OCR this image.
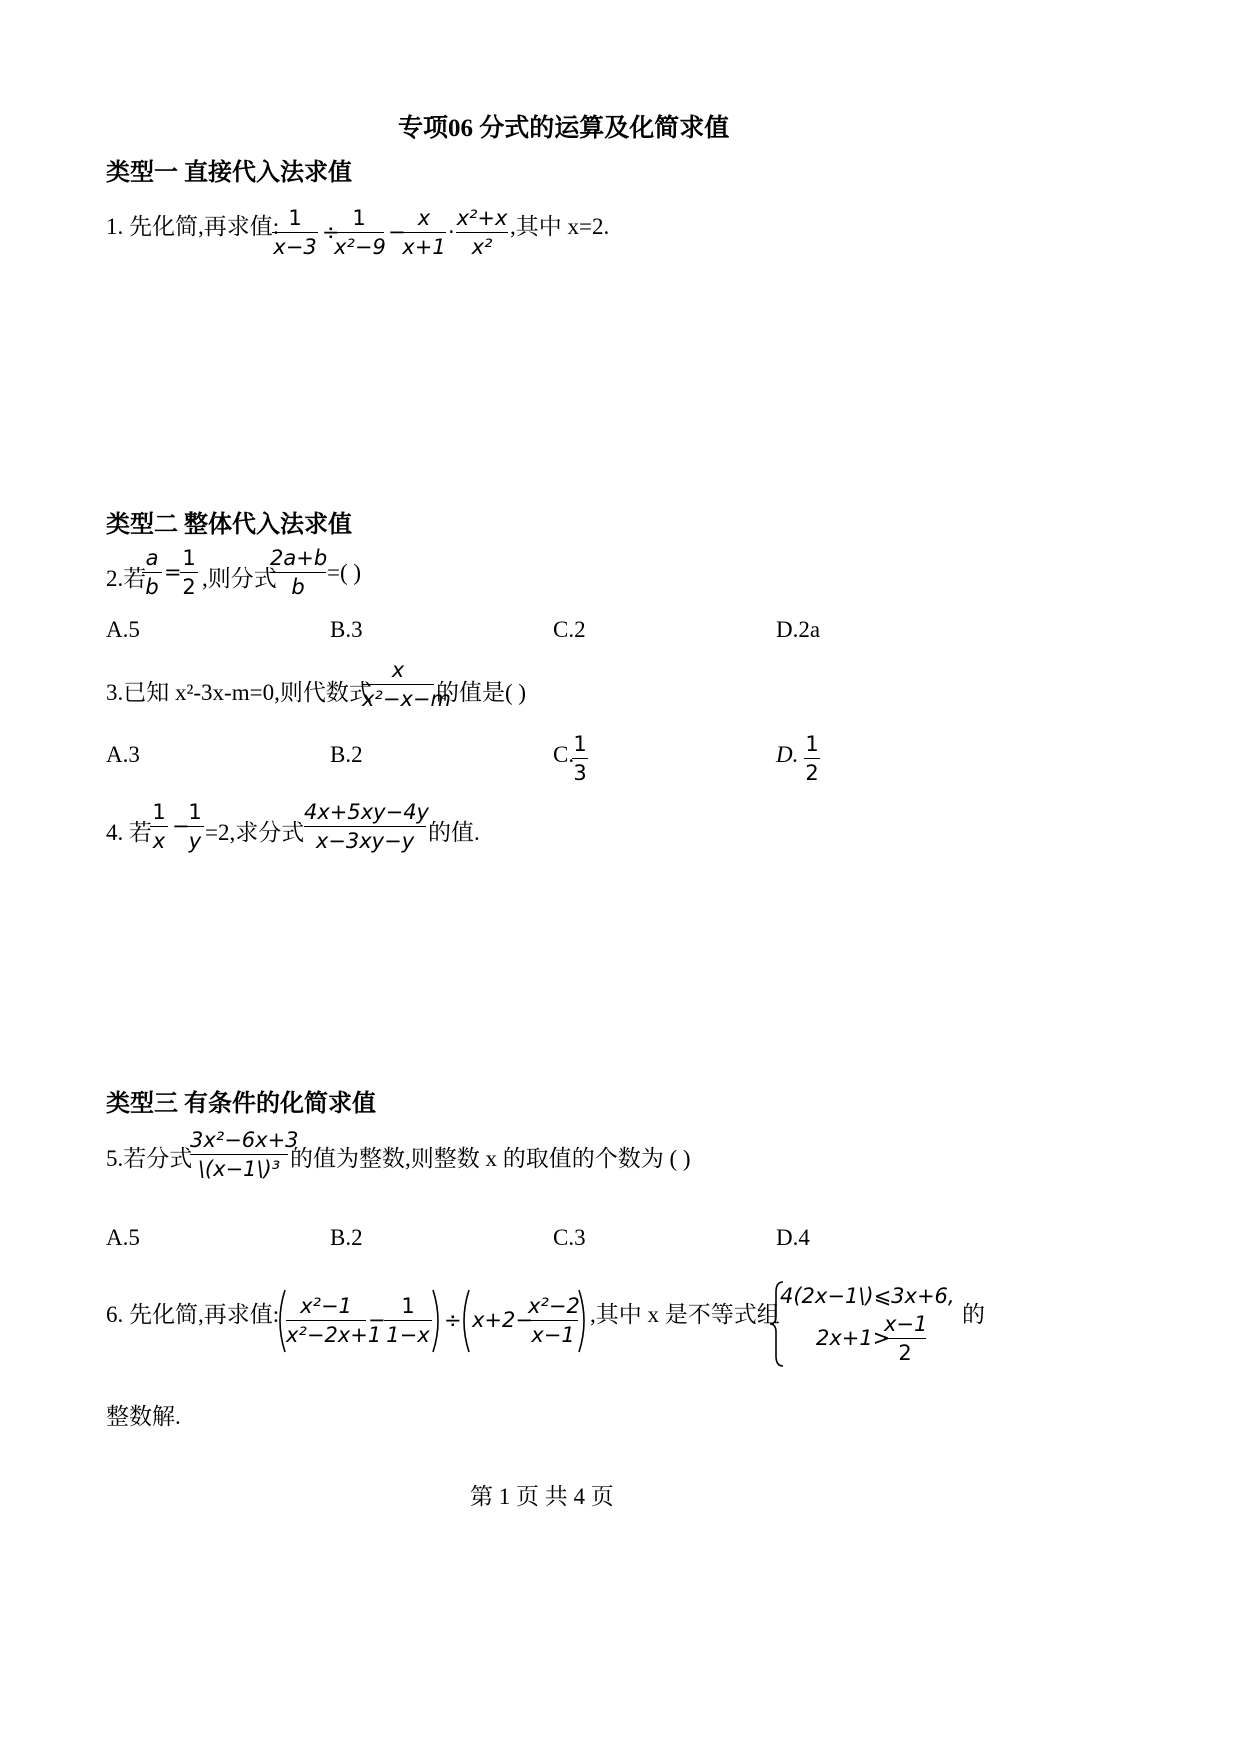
专项06 分式的运算及化简求值
类型一 直接代入法求值
1. 先化简,再求值: 1
x−3
÷
1
x²−9
−
x
x+1
·
x²+x
x²
,其中 x=2.
类型二 整体代入法求值
2.若
a
b
=
1
2 ,则分式
2a+b
b
=( )
A.5	B.3	C.2	D.2a
3.已知 x²-3x-m=0,则代数式
x
x²−x−m
的值是( )
A.3	B.2	C. 1
3
D. 1
2
4. 若
1
x
−
1
y =2,求分式
4x+5xy−4y
x−3xy−y 的值.
类型三 有条件的化简求值
5.若分式
3x²−6x+3
\(x−1\)³ 的值为整数,则整数 x 的取值的个数为 ( )
A.5	B.2	C.3	D.4
6. 先化简,再求值: x²−1
x²−2x+1
−
1
1−x
÷ x+2−
x²−2
x−1
,其中 x 是不等式组
4(2x−1\)⩽3x+6,
2x+1>
x−1
2
的
整数解.
第 1 页 共 4 页
